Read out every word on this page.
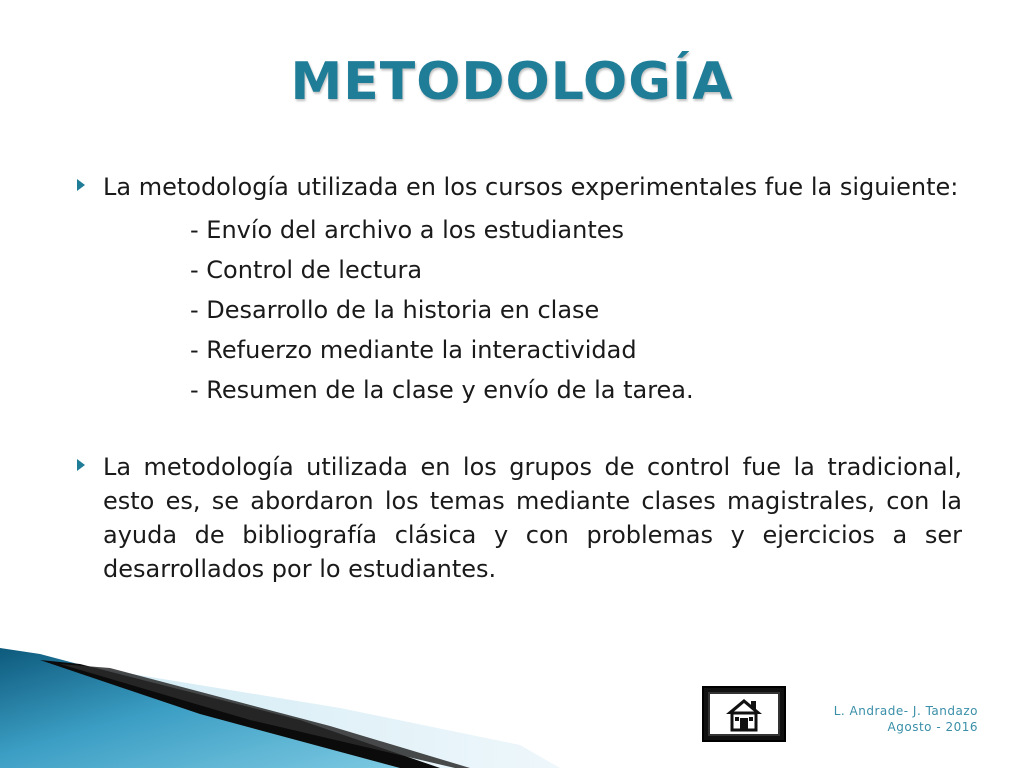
METODOLOGÍA
La metodología utilizada en los cursos experimentales fue la siguiente:
- Envío del archivo a los estudiantes
- Control de lectura
- Desarrollo de la historia en clase
- Refuerzo mediante la interactividad
- Resumen de la clase y envío de la tarea.
La metodología utilizada en los grupos de control fue la tradicional, esto es, se abordaron los temas mediante clases magistrales, con la ayuda de bibliografía clásica y con problemas y ejercicios a ser desarrollados por lo estudiantes.
L. Andrade- J. Tandazo
Agosto - 2016
